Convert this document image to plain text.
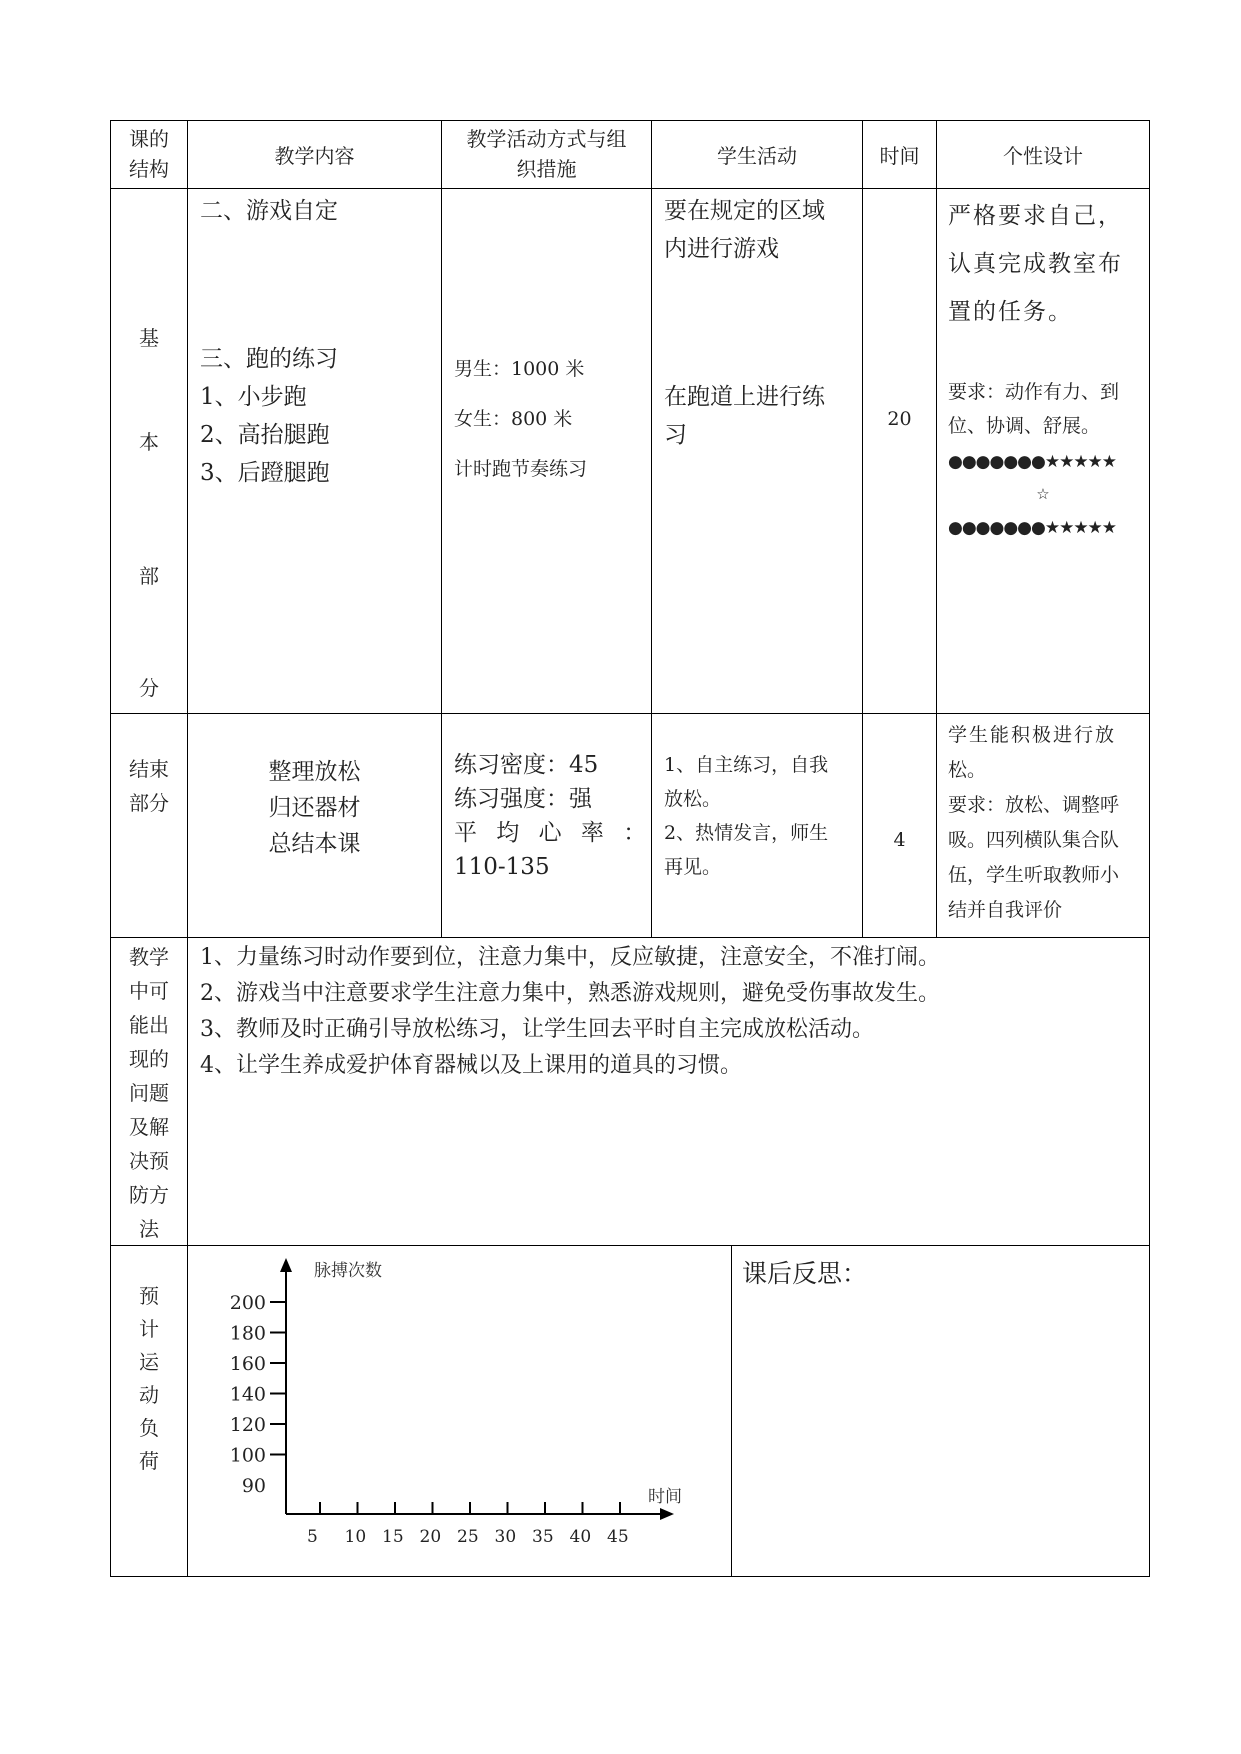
课的
结构
教学内容
教学活动方式与组
织措施
学生活动	时间	个性设计
基
本
部
分
二、游戏自定
三、跑的练习
1、小步跑
2、高抬腿跑
3、后蹬腿跑
男生：1000 米
女生：800 米
计时跑节奏练习
要在规定的区域
内进行游戏
在跑道上进行练
习
20
严格要求自己，
认真完成教室布
置的任务。
要求：动作有力、到
位、协调、舒展。
●●●●●●●★★★★★
☆
●●●●●●●★★★★★
结束
部分
整理放松
归还器材
总结本课
练习密度：45
练习强度：强
平 均 心 率 ：
110-135
1、自主练习，自我
放松。
2、热情发言，师生
再见。
4
学生能积极进行放
松。
要求：放松、调整呼
吸。四列横队集合队
伍，学生听取教师小
结并自我评价
教学
中可
能出
现的
问题
及解
决预
防方
法
1、力量练习时动作要到位，注意力集中，反应敏捷，注意安全，不准打闹。
2、游戏当中注意要求学生注意力集中，熟悉游戏规则，避免受伤事故发生。
3、教师及时正确引导放松练习，让学生回去平时自主完成放松活动。
4、让学生养成爱护体育器械以及上课用的道具的习惯。
预
计
运
动
负
荷
课后反思：
脉搏次数
时间
200
180
160
140
120
100
90
5 10 15 20 25 30 35 40 45
